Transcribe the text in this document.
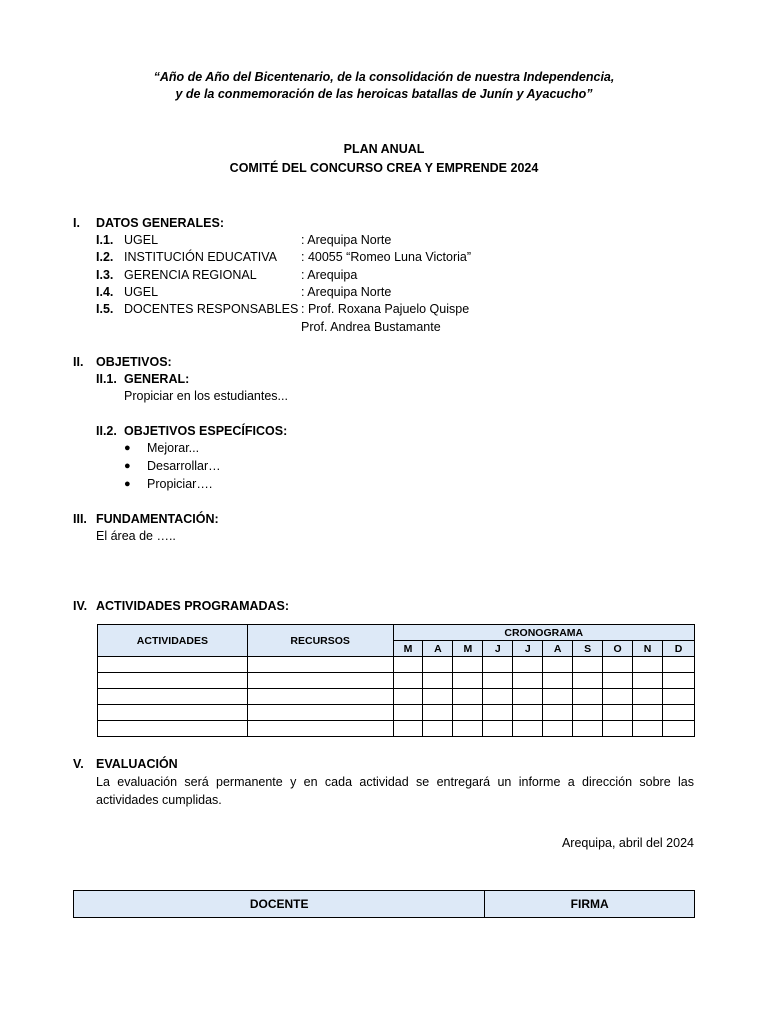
“Año de Año del Bicentenario, de la consolidación de nuestra Independencia,
y de la conmemoración de las heroicas batallas de Junín y Ayacucho”
PLAN ANUAL
COMITÉ DEL CONCURSO CREA Y EMPRENDE 2024
I. DATOS GENERALES:
I.1. UGEL	: Arequipa Norte
I.2. INSTITUCIÓN EDUCATIVA : 40055 “Romeo Luna Victoria”
I.3. GERENCIA REGIONAL	: Arequipa
I.4. UGEL	: Arequipa Norte
I.5. DOCENTES RESPONSABLES : Prof. Roxana Pajuelo Quispe
Prof. Andrea Bustamante
II. OBJETIVOS:
II.1. GENERAL:
Propiciar en los estudiantes...
II.2. OBJETIVOS ESPECÍFICOS:
● Mejorar...
● Desarrollar…
● Propiciar….
III. FUNDAMENTACIÓN:
El área de …..
IV. ACTIVIDADES PROGRAMADAS:
ACTIVIDADES	RECURSOS	CRONOGRAMA									
		M	A	M	J	J	A	S	O	N	D

V. EVALUACIÓN
La evaluación será permanente y en cada actividad se entregará un informe a dirección sobre las actividades cumplidas.
Arequipa, abril del 2024
DOCENTE	FIRMA
